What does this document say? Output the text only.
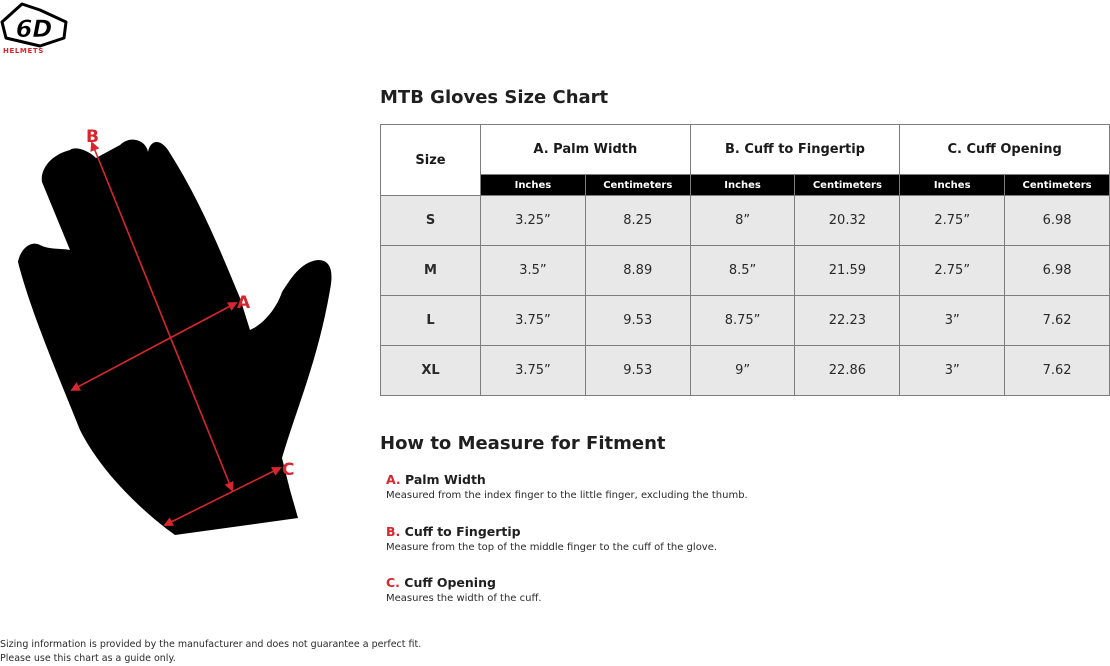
6D
HELMETS
B
A
C
MTB Gloves Size Chart
Size	A. Palm Width		B. Cuff to Fingertip		C. Cuff Opening	
	Inches	Centimeters	Inches	Centimeters	Inches	Centimeters
S	3.25”	8.25	8”	20.32	2.75”	6.98
M	3.5”	8.89	8.5”	21.59	2.75”	6.98
L	3.75”	9.53	8.75”	22.23	3”	7.62
XL	3.75”	9.53	9”	22.86	3”	7.62
How to Measure for Fitment
A. Palm Width
Measured from the index finger to the little finger, excluding the thumb.
B. Cuff to Fingertip
Measure from the top of the middle finger to the cuff of the glove.
C. Cuff Opening
Measures the width of the cuff.
Sizing information is provided by the manufacturer and does not guarantee a perfect fit.
Please use this chart as a guide only.
